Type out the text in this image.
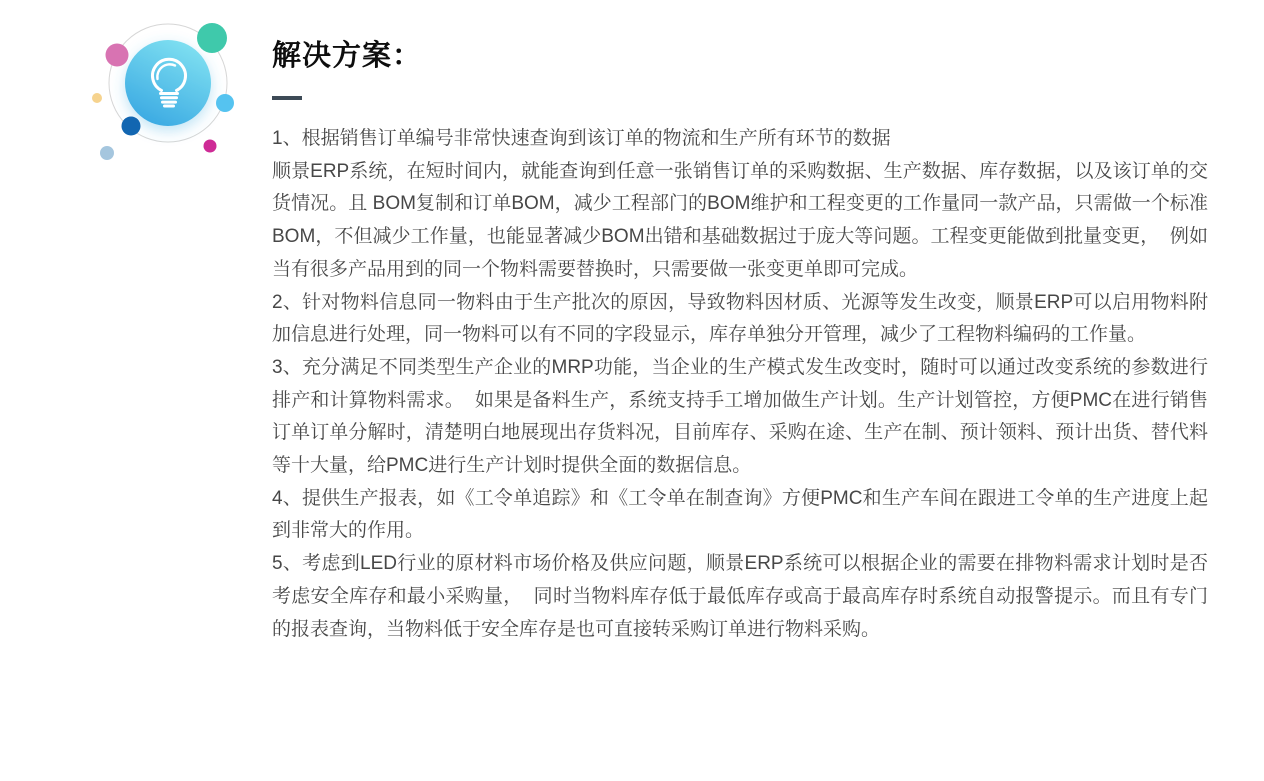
解决方案：

1、根据销售订单编号非常快速查询到该订单的物流和生产所有环节的数据

顺景ERP系统，在短时间内，就能查询到任意一张销售订单的采购数据、生产数据、库存数据，以及该订单的交货情况。且 BOM复制和订单BOM，减少工程部门的BOM维护和工程变更的工作量同一款产品，只需做一个标准BOM，不但减少工作量，也能显著减少BOM出错和基础数据过于庞大等问题。工程变更能做到批量变更，  例如当有很多产品用到的同一个物料需要替换时，只需要做一张变更单即可完成。

2、针对物料信息同一物料由于生产批次的原因，导致物料因材质、光源等发生改变，顺景ERP可以启用物料附加信息进行处理，同一物料可以有不同的字段显示，库存单独分开管理，减少了工程物料编码的工作量。

3、充分满足不同类型生产企业的MRP功能，当企业的生产模式发生改变时，随时可以通过改变系统的参数进行排产和计算物料需求。  如果是备料生产，系统支持手工增加做生产计划。生产计划管控，方便PMC在进行销售订单订单分解时，清楚明白地展现出存货料况，目前库存、采购在途、生产在制、预计领料、预计出货、替代料等十大量，给PMC进行生产计划时提供全面的数据信息。

4、提供生产报表，如《工令单追踪》和《工令单在制查询》方便PMC和生产车间在跟进工令单的生产进度上起到非常大的作用。

5、考虑到LED行业的原材料市场价格及供应问题，顺景ERP系统可以根据企业的需要在排物料需求计划时是否考虑安全库存和最小采购量，  同时当物料库存低于最低库存或高于最高库存时系统自动报警提示。而且有专门的报表查询，当物料低于安全库存是也可直接转采购订单进行物料采购。
